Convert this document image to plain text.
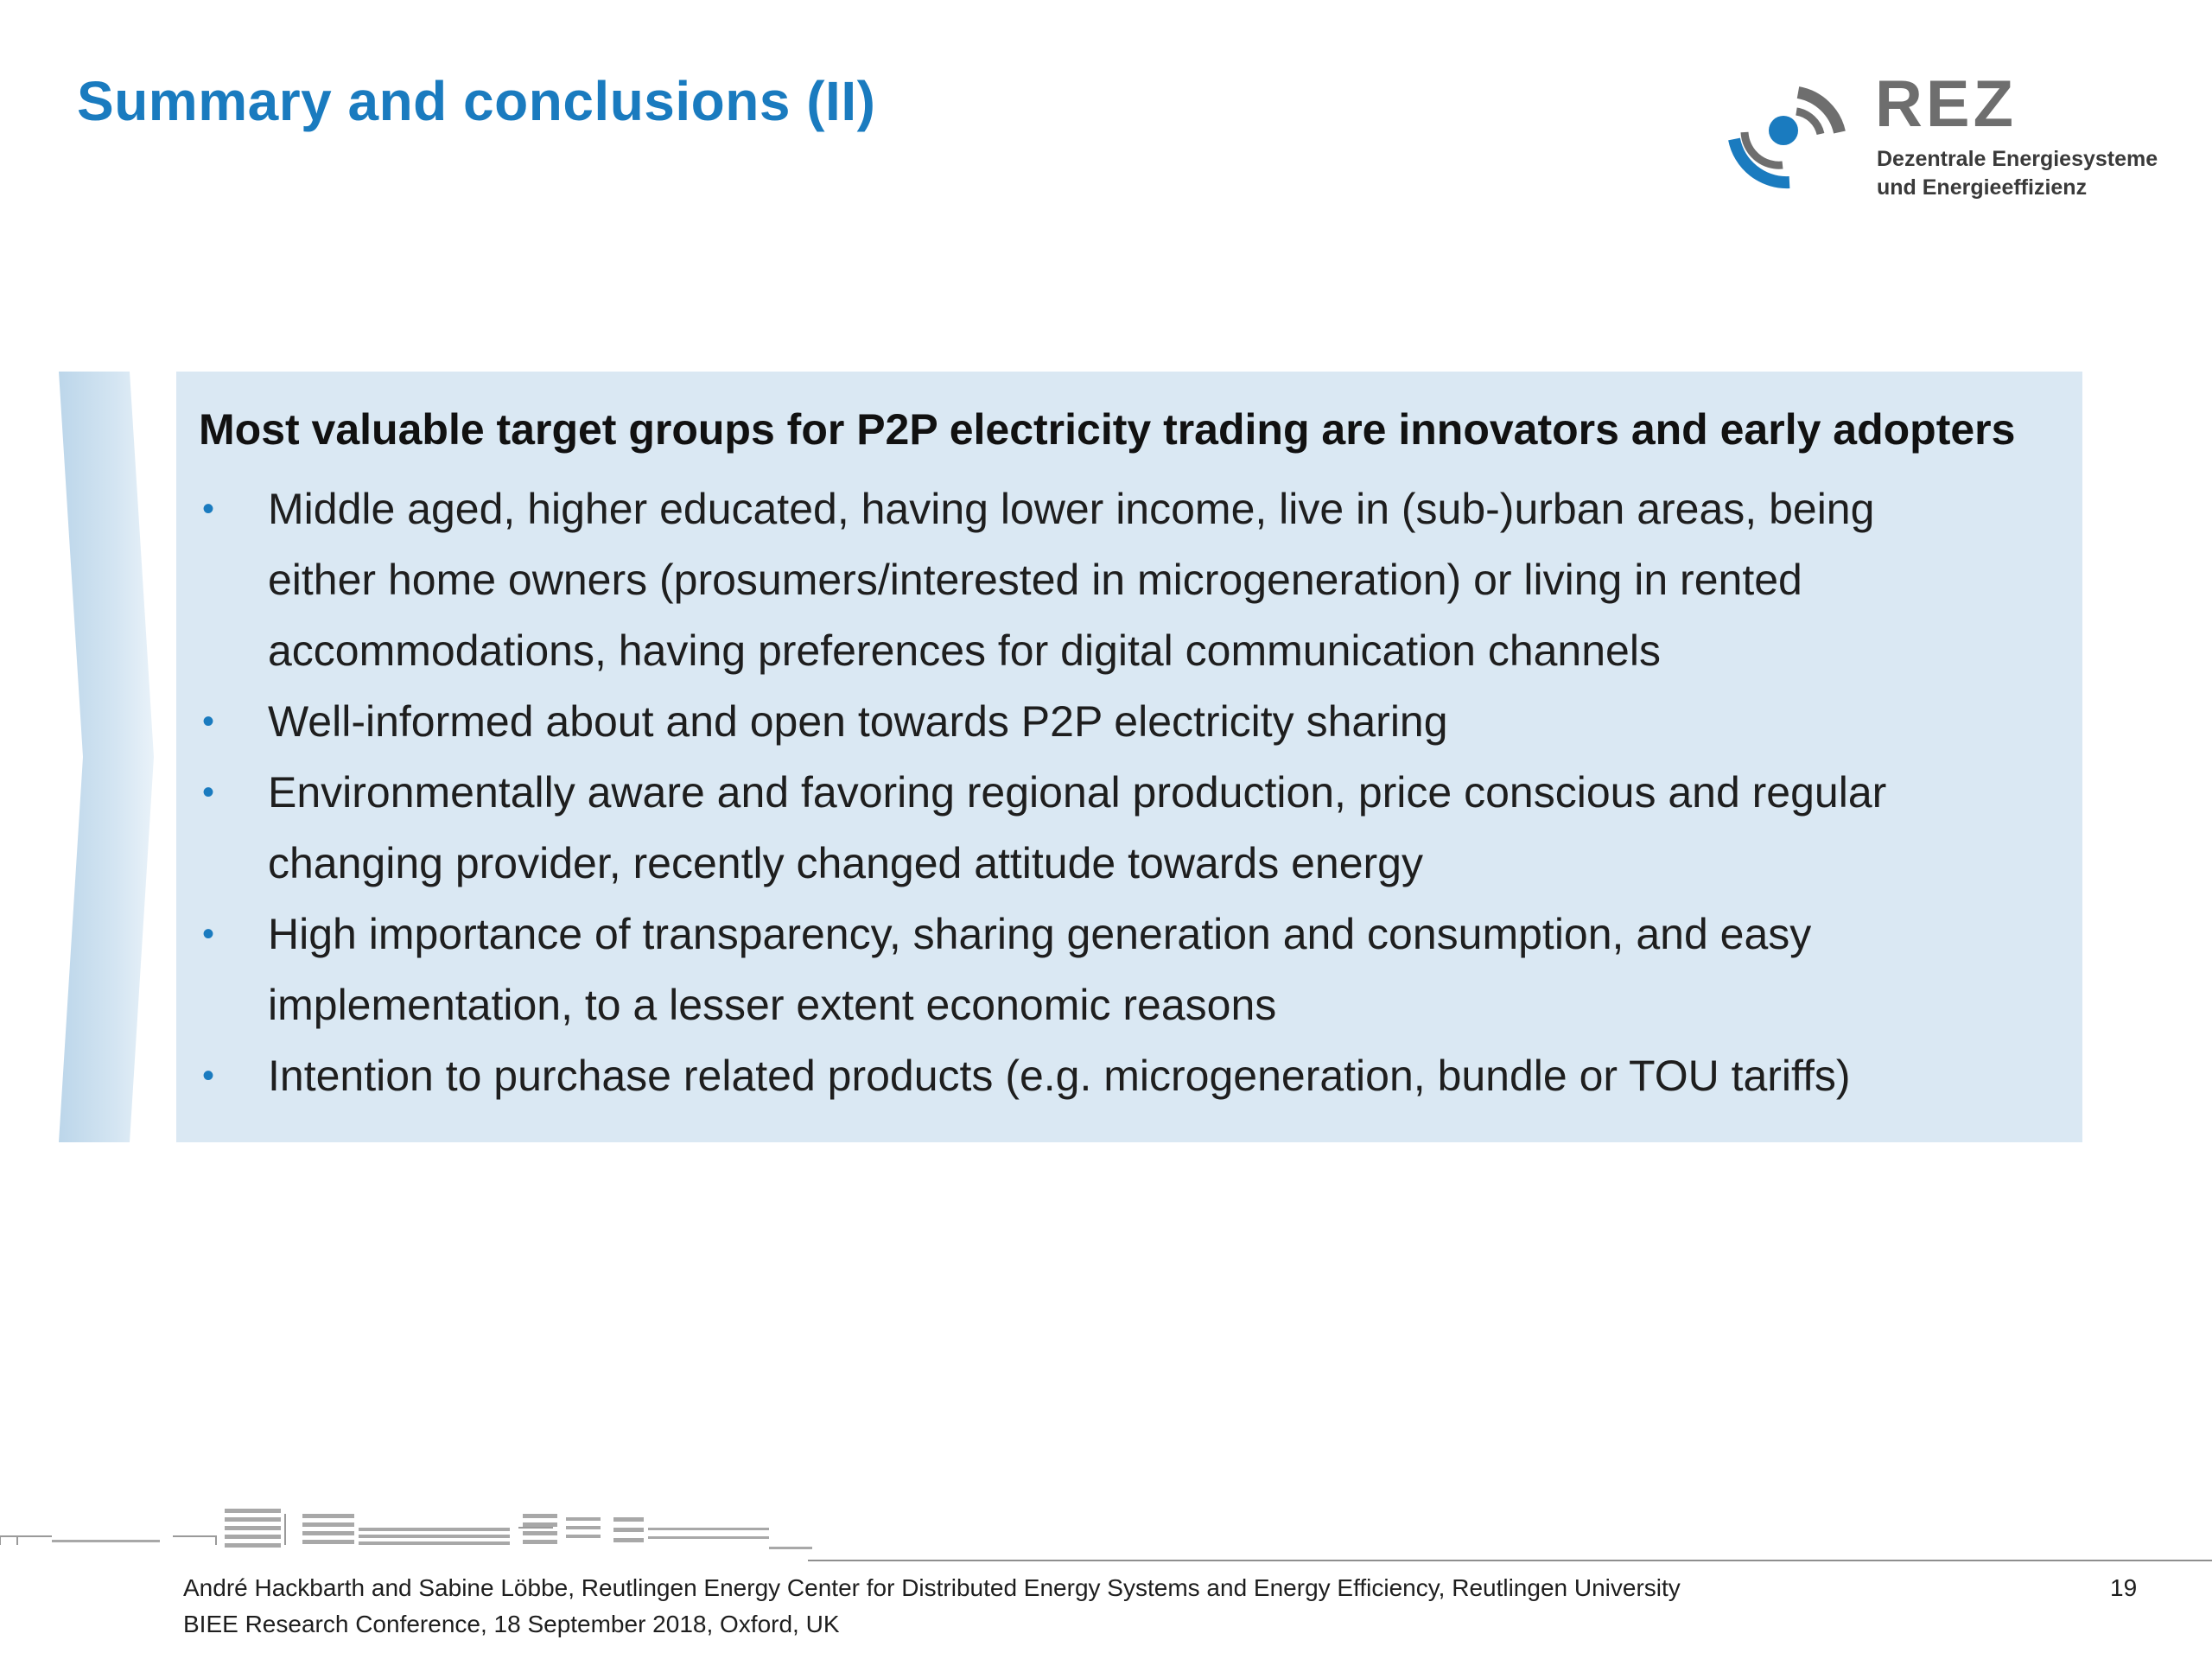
Summary and conclusions (II)	REZ
Dezentrale Energiesysteme
und Energieeffizienz
Most valuable target groups for P2P electricity trading are innovators and early adopters
• Middle aged, higher educated, having lower income, live in (sub-)urban areas, being
either home owners (prosumers/interested in microgeneration) or living in rented
accommodations, having preferences for digital communication channels
• Well-informed about and open towards P2P electricity sharing
• Environmentally aware and favoring regional production, price conscious and regular
changing provider, recently changed attitude towards energy
• High importance of transparency, sharing generation and consumption, and easy
implementation, to a lesser extent economic reasons
• Intention to purchase related products (e.g. microgeneration, bundle or TOU tariffs)
André Hackbarth and Sabine Löbbe, Reutlingen Energy Center for Distributed Energy Systems and Energy Efficiency, Reutlingen University
BIEE Research Conference, 18 September 2018, Oxford, UK
19
